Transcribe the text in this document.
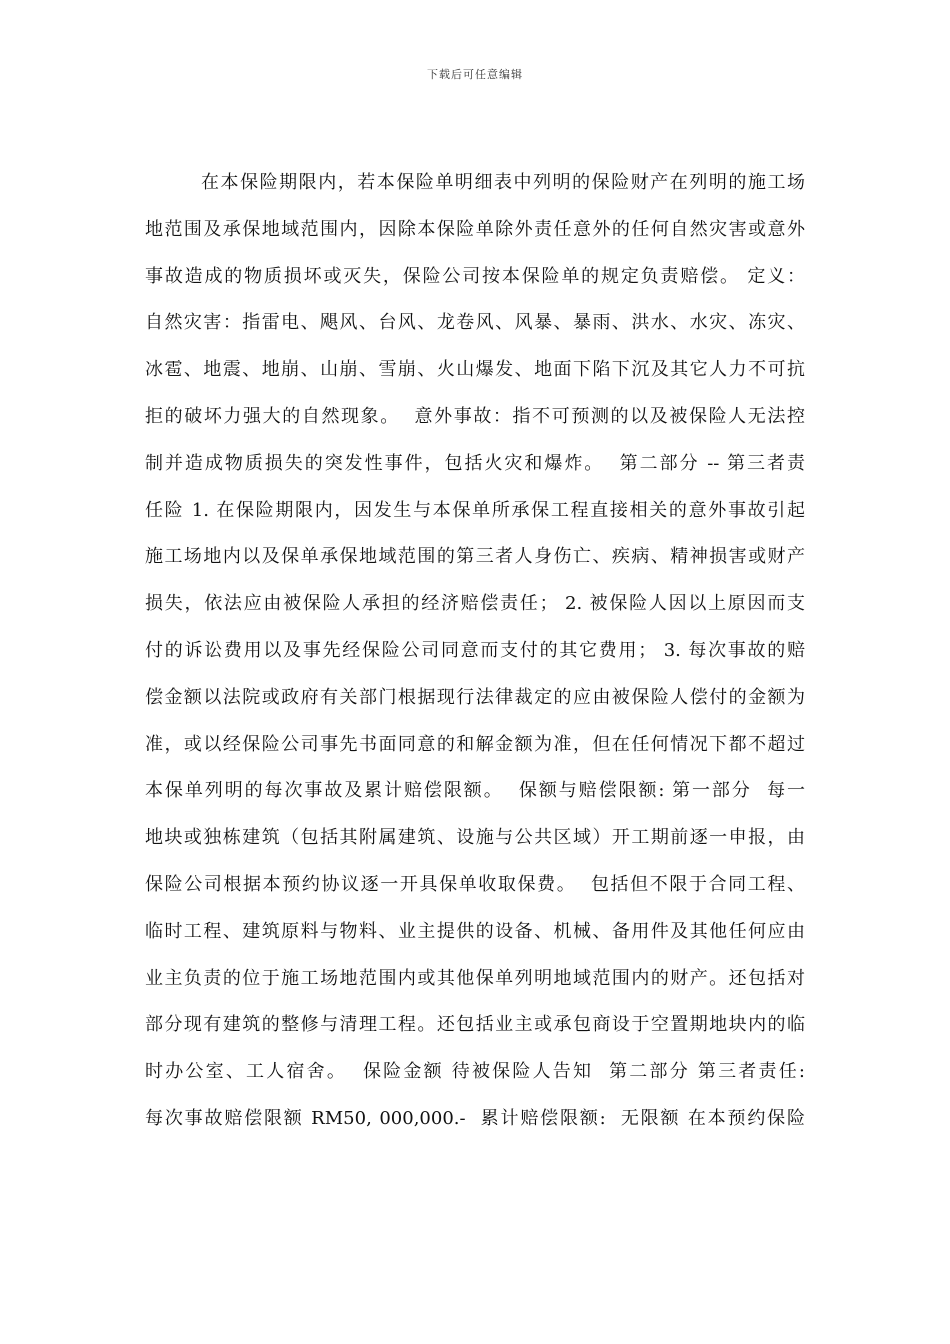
下载后可任意编辑
在本保险期限内，若本保险单明细表中列明的保险财产在列明的施工场
地范围及承保地域范围内，因除本保险单除外责任意外的任何自然灾害或意外
事故造成的物质损坏或灭失，保险公司按本保险单的规定负责赔偿。 定义：
自然灾害：指雷电、飓风、台风、龙卷风、风暴、暴雨、洪水、水灾、冻灾、
冰雹、地震、地崩、山崩、雪崩、火山爆发、地面下陷下沉及其它人力不可抗
拒的破坏力强大的自然现象。  意外事故：指不可预测的以及被保险人无法控
制并造成物质损失的突发性事件，包括火灾和爆炸。  第二部分 -- 第三者责
任险 1. 在保险期限内，因发生与本保单所承保工程直接相关的意外事故引起
施工场地内以及保单承保地域范围的第三者人身伤亡、疾病、精神损害或财产
损失，依法应由被保险人承担的经济赔偿责任； 2. 被保险人因以上原因而支
付的诉讼费用以及事先经保险公司同意而支付的其它费用； 3. 每次事故的赔
偿金额以法院或政府有关部门根据现行法律裁定的应由被保险人偿付的金额为
准，或以经保险公司事先书面同意的和解金额为准，但在任何情况下都不超过
本保单列明的每次事故及累计赔偿限额。  保额与赔偿限额: 第一部分  每一
地块或独栋建筑（包括其附属建筑、设施与公共区域）开工期前逐一申报，由
保险公司根据本预约协议逐一开具保单收取保费。  包括但不限于合同工程、
临时工程、建筑原料与物料、业主提供的设备、机械、备用件及其他任何应由
业主负责的位于施工场地范围内或其他保单列明地域范围内的财产。还包括对
部分现有建筑的整修与清理工程。还包括业主或承包商设于空置期地块内的临
时办公室、工人宿舍。  保险金额 待被保险人告知  第二部分 第三者责任:
每次事故赔偿限额 RM50, 000,000.-  累计赔偿限额:  无限额 在本预约保险
